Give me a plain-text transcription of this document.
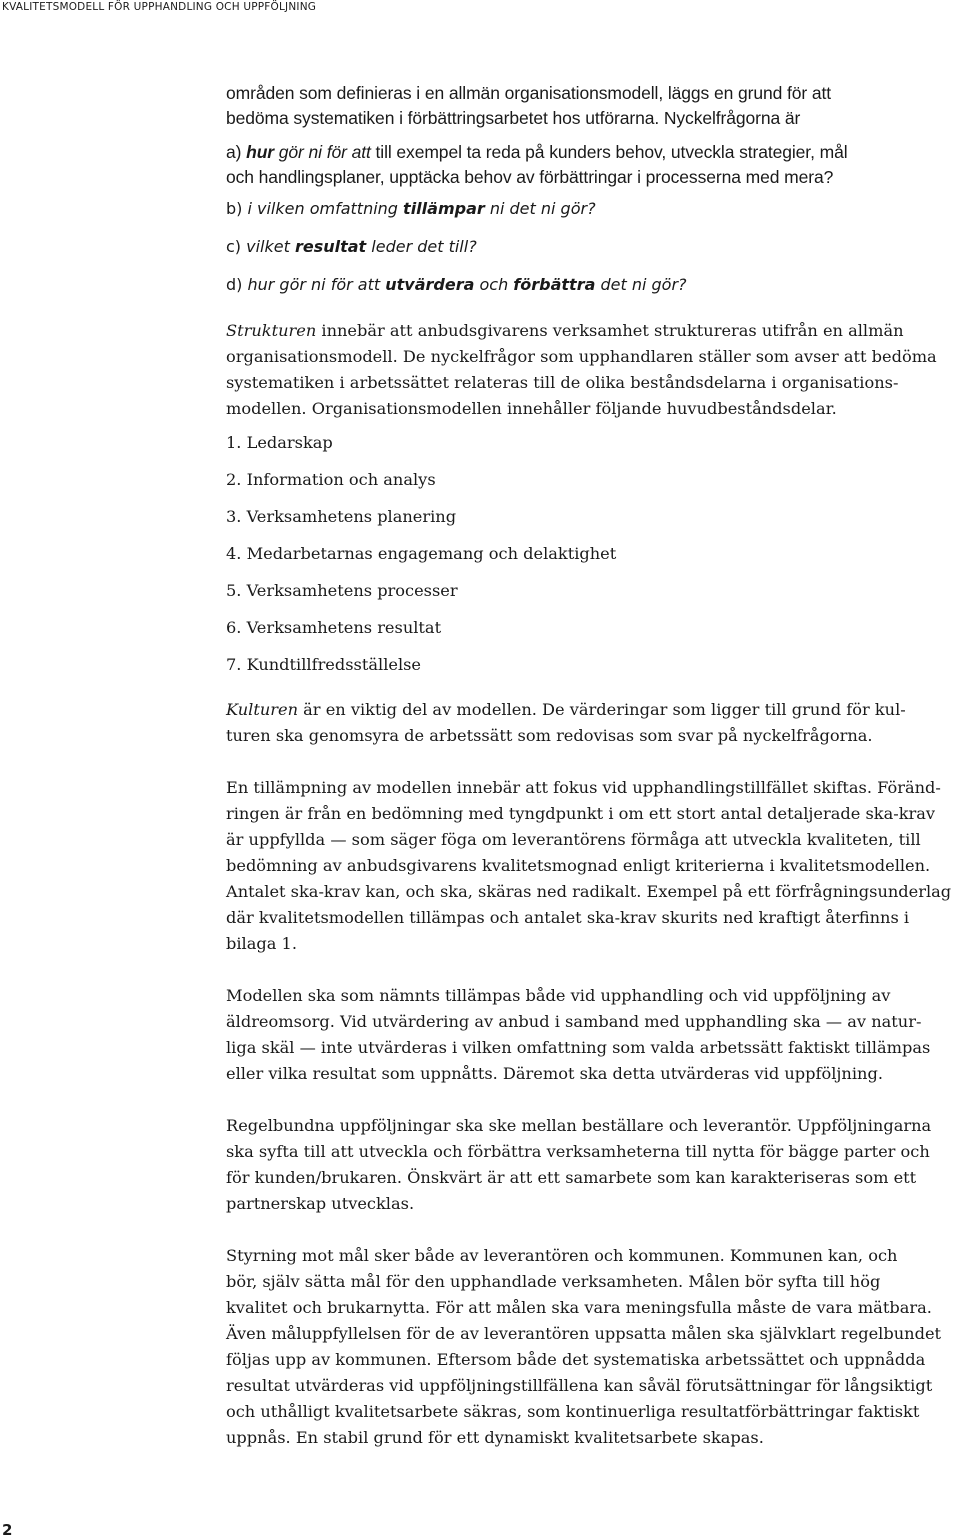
KVALITETSMODELL FÖR UPPHANDLING OCH UPPFÖLJNING

områden som definieras i en allmän organisationsmodell, läggs en grund för att
bedöma systematiken i förbättringsarbetet hos utförarna. Nyckelfrågorna är

a) hur gör ni för att till exempel ta reda på kunders behov, utveckla strategier, mål
och handlingsplaner, upptäcka behov av förbättringar i processerna med mera?
b) i vilken omfattning tillämpar ni det ni gör?
c) vilket resultat leder det till?
d) hur gör ni för att utvärdera och förbättra det ni gör?

Strukturen innebär att anbudsgivarens verksamhet struktureras utifrån en allmän
organisationsmodell. De nyckelfrågor som upphandlaren ställer som avser att bedöma
systematiken i arbetssättet relateras till de olika beståndsdelarna i organisations-
modellen. Organisationsmodellen innehåller följande huvudbeståndsdelar.

1. Ledarskap
2. Information och analys
3. Verksamhetens planering
4. Medarbetarnas engagemang och delaktighet
5. Verksamhetens processer
6. Verksamhetens resultat
7. Kundtillfredsställelse

Kulturen är en viktig del av modellen. De värderingar som ligger till grund för kul-
turen ska genomsyra de arbetssätt som redovisas som svar på nyckelfrågorna.

En tillämpning av modellen innebär att fokus vid upphandlingstillfället skiftas. Föränd-
ringen är från en bedömning med tyngdpunkt i om ett stort antal detaljerade ska-krav
är uppfyllda — som säger föga om leverantörens förmåga att utveckla kvaliteten, till
bedömning av anbudsgivarens kvalitetsmognad enligt kriterierna i kvalitetsmodellen.
Antalet ska-krav kan, och ska, skäras ned radikalt. Exempel på ett förfrågningsunderlag
där kvalitetsmodellen tillämpas och antalet ska-krav skurits ned kraftigt återfinns i
bilaga 1.

Modellen ska som nämnts tillämpas både vid upphandling och vid uppföljning av
äldreomsorg. Vid utvärdering av anbud i samband med upphandling ska — av natur-
liga skäl — inte utvärderas i vilken omfattning som valda arbetssätt faktiskt tillämpas
eller vilka resultat som uppnåtts. Däremot ska detta utvärderas vid uppföljning.

Regelbundna uppföljningar ska ske mellan beställare och leverantör. Uppföljningarna
ska syfta till att utveckla och förbättra verksamheterna till nytta för bägge parter och
för kunden/brukaren. Önskvärt är att ett samarbete som kan karakteriseras som ett
partnerskap utvecklas.

Styrning mot mål sker både av leverantören och kommunen. Kommunen kan, och
bör, själv sätta mål för den upphandlade verksamheten. Målen bör syfta till hög
kvalitet och brukarnytta. För att målen ska vara meningsfulla måste de vara mätbara.
Även måluppfyllelsen för de av leverantören uppsatta målen ska självklart regelbundet
följas upp av kommunen. Eftersom både det systematiska arbetssättet och uppnådda
resultat utvärderas vid uppföljningstillfällena kan såväl förutsättningar för långsiktigt
och uthålligt kvalitetsarbete säkras, som kontinuerliga resultatförbättringar faktiskt
uppnås. En stabil grund för ett dynamiskt kvalitetsarbete skapas.

2
